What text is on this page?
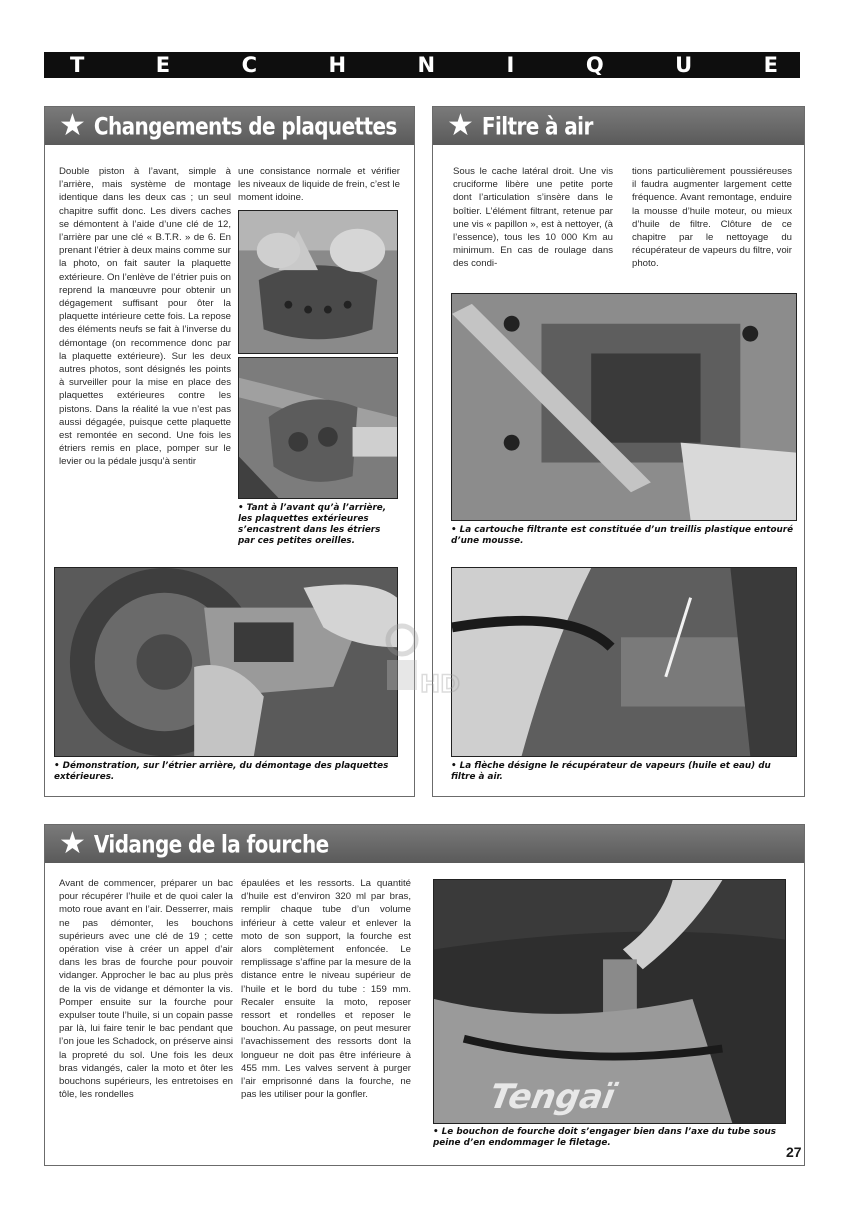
T	E	C	H	N	I	Q	U	E
★ Changements de plaquettes
Double piston à l’avant, simple à l’arrière, mais système de montage identique dans les deux cas ; un seul chapitre suffit donc. Les divers caches se démontent à l’aide d’une clé de 12, l’arrière par une clé « B.T.R. » de 6. En prenant l’étrier à deux mains comme sur la photo, on fait sauter la plaquette extérieure. On l’enlève de l’étrier puis on reprend la manœuvre pour obtenir un dégagement suffisant pour ôter la plaquette intérieure cette fois. La repose des éléments neufs se fait à l’inverse du démontage (on recommence donc par la plaquette extérieure). Sur les deux autres photos, sont désignés les points à surveiller pour la mise en place des plaquettes extérieures contre les pistons. Dans la réalité la vue n’est pas aussi dégagée, puisque cette plaquette est remontée en second. Une fois les étriers remis en place, pomper sur le levier ou la pédale jusqu’à sentir
une consistance normale et vérifier les niveaux de liquide de frein, c’est le moment idoine.
• Tant à l’avant qu’à l’arrière, les plaquettes extérieures s’encastrent dans les étriers par ces petites oreilles.
• Démonstration, sur l’étrier arrière, du démontage des plaquettes extérieures.
★ Filtre à air
Sous le cache latéral droit. Une vis cruciforme libère une petite porte dont l’articulation s’insère dans le boîtier. L’élément filtrant, retenue par une vis « papillon », est à nettoyer, (à l’essence), tous les 10 000 Km au minimum. En cas de roulage dans des condi-
tions particulièrement poussiéreuses il faudra augmenter largement cette fréquence. Avant remontage, enduire la mousse d’huile moteur, ou mieux d’huile de filtre. Clôture de ce chapitre par le nettoyage du récupérateur de vapeurs du filtre, voir photo.
• La cartouche filtrante est constituée d’un treillis plastique entouré d’une mousse.
• La flèche désigne le récupérateur de vapeurs (huile et eau) du filtre à air.
HD
★ Vidange de la fourche
Avant de commencer, préparer un bac pour récupérer l’huile et de quoi caler la moto roue avant en l’air. Desserrer, mais ne pas démonter, les bouchons supérieurs avec une clé de 19 ; cette opération vise à créer un appel d’air dans les bras de fourche pour pouvoir vidanger. Approcher le bac au plus près de la vis de vidange et démonter la vis. Pomper ensuite sur la fourche pour expulser toute l’huile, si un copain passe par là, lui faire tenir le bac pendant que l’on joue les Schadock, on préserve ainsi la propreté du sol. Une fois les deux bras vidangés, caler la moto et ôter les bouchons supérieurs, les entretoises en tôle, les rondelles
épaulées et les ressorts. La quantité d’huile est d’environ 320 ml par bras, remplir chaque tube d’un volume inférieur à cette valeur et enlever la moto de son support, la fourche est alors complètement enfoncée. Le remplissage s’affine par la mesure de la distance entre le niveau supérieur de l’huile et le bord du tube : 159 mm. Recaler ensuite la moto, reposer ressort et rondelles et reposer le bouchon. Au passage, on peut mesurer l’avachissement des ressorts dont la longueur ne doit pas être inférieure à 455 mm. Les valves servent à purger l’air emprisonné dans la fourche, ne pas les utiliser pour la gonfler.	Tengaï
• Le bouchon de fourche doit s’engager bien dans l’axe du tube sous peine d’en endommager le filetage.
27
